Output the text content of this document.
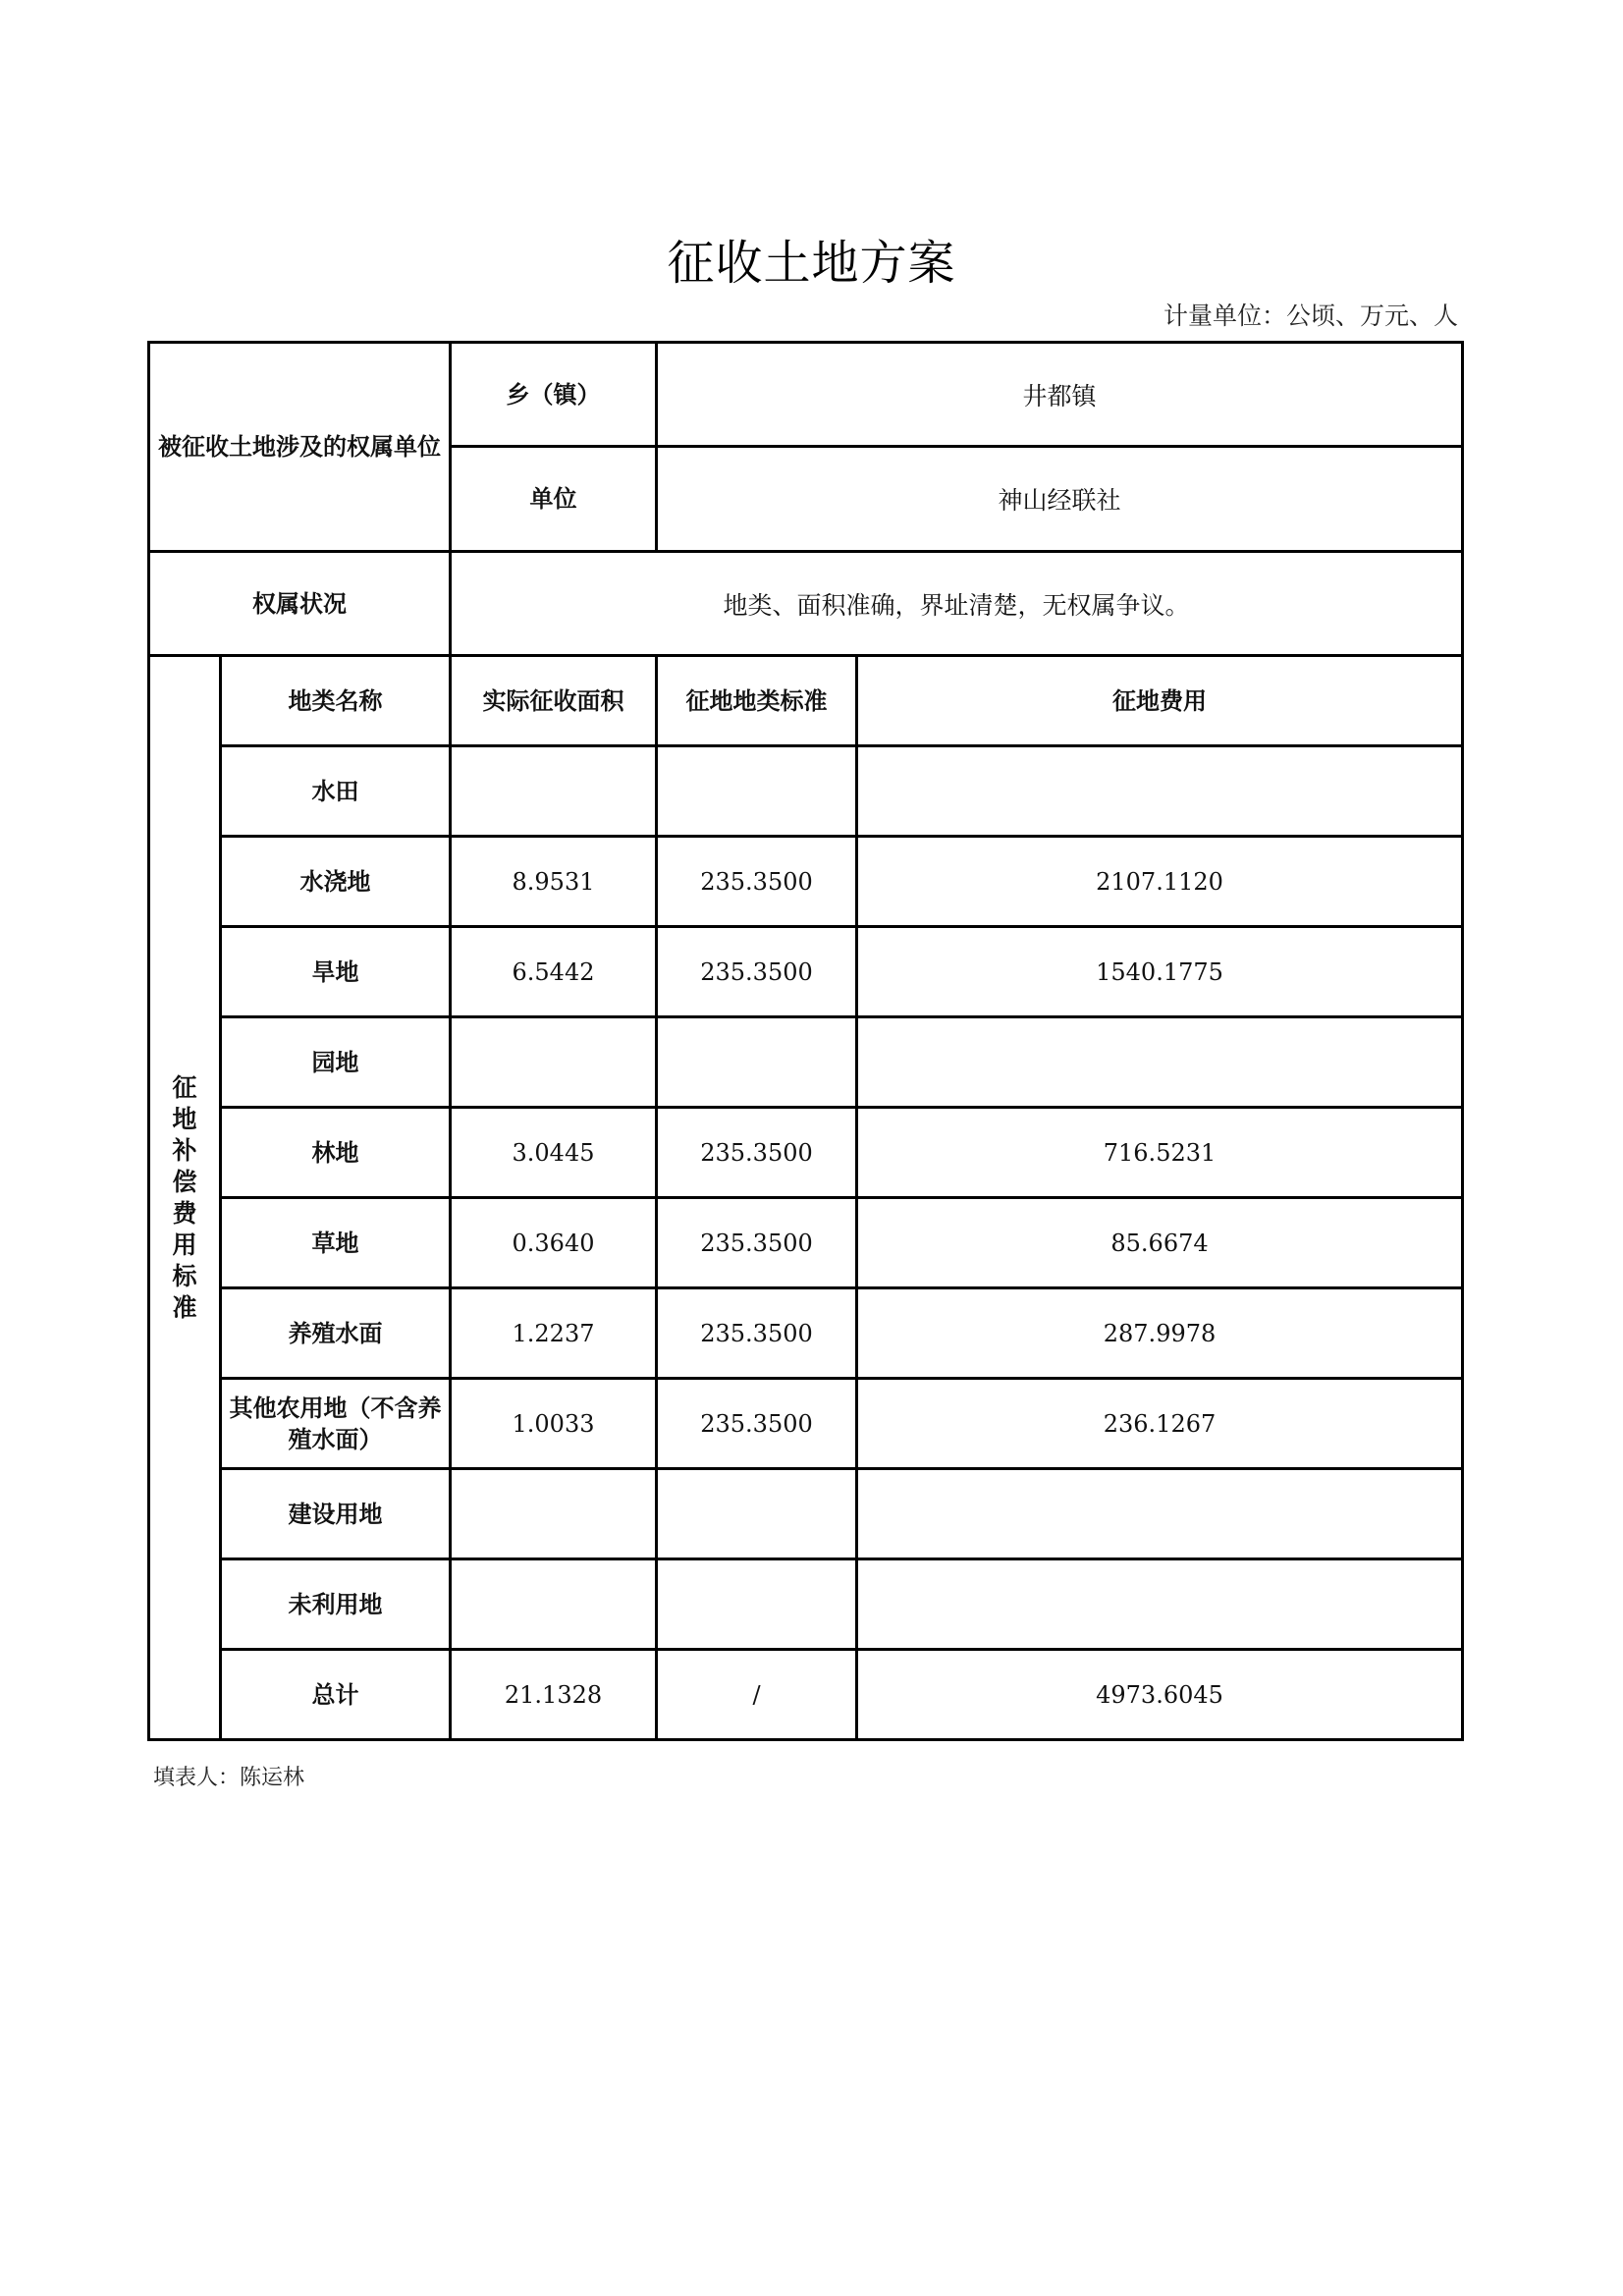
征收土地方案
计量单位：公顷、万元、人
被征收土地涉及的权属单位		乡（镇）	井都镇	
		单位	神山经联社	
权属状况		地类、面积准确，界址清楚，无权属争议。		

征地补偿费用标准	地类名称	实际征收面积	征地地类标准	征地费用
	水田			
	水浇地	8.9531	235.3500	2107.1120
	旱地	6.5442	235.3500	1540.1775
	园地			
	林地	3.0445	235.3500	716.5231
	草地	0.3640	235.3500	85.6674
	养殖水面	1.2237	235.3500	287.9978
	其他农用地（不含养殖水面）	1.0033	235.3500	236.1267
	建设用地			
	未利用地			
	总计	21.1328	/	4973.6045
填表人：陈运林
